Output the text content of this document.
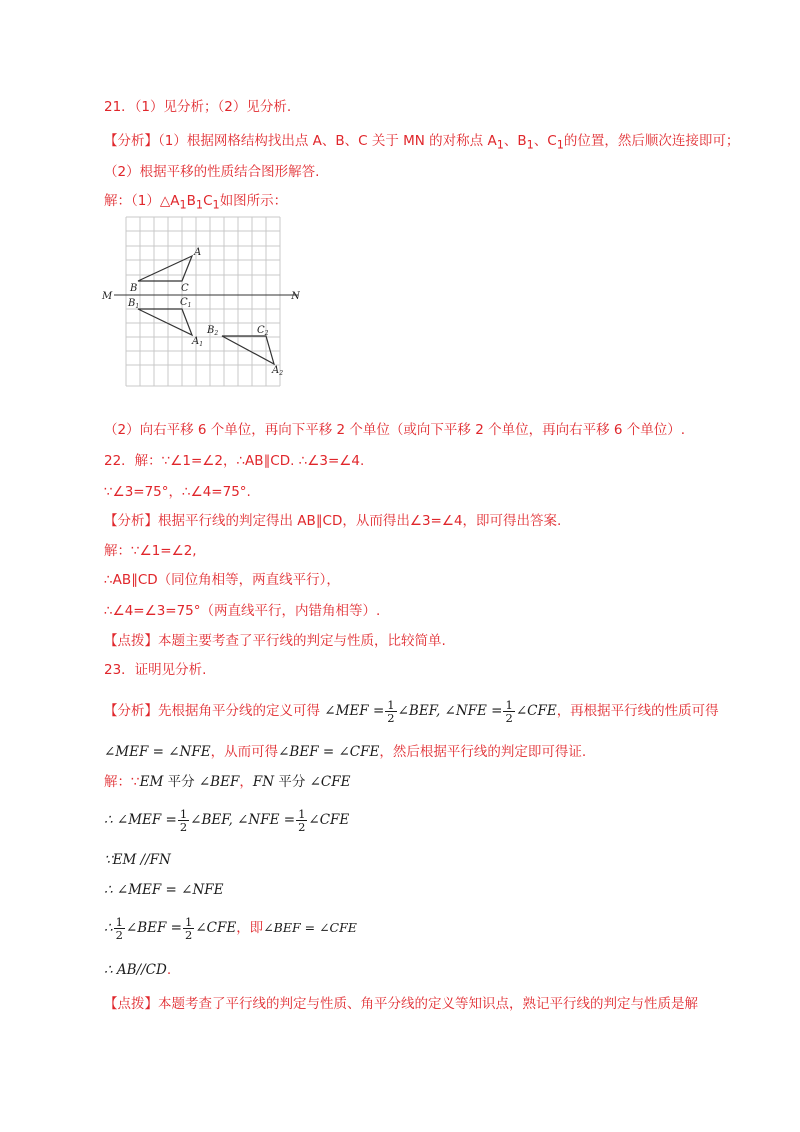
21．（1）见分析；（2）见分析.
【分析】（1）根据网格结构找出点 A、B、C 关于 MN 的对称点 $A_1$、$B_1$、$C_1$的位置，然后顺次连接即可；
（2）根据平移的性质结合图形解答.
解：$(1)\triangle A_1B_1C_1$如图所示：
A
B	C
M	N
$B_1$	$C_1$
$A_1$
$B_2$	$C_2$
$A_2$
（2）向右平移 6 个单位，再向下平移 2 个单位（或向下平移 2 个单位，再向右平移 6 个单位）.
22．解：∵∠1=∠2，∴AB∥CD. ∴∠3=∠4.
∵∠3=75°，∴∠4=75°.
【分析】根据平行线的判定得出 AB∥CD，从而得出∠3=∠4，即可得出答案.
解：∵∠1=∠2,
∴AB∥CD（同位角相等，两直线平行），
∴∠4=∠3=75°（两直线平行，内错角相等）.
【点拨】本题主要考查了平行线的判定与性质，比较简单.
23．证明见分析.
【分析】先根据角平分线的定义可得 ∠MEF = $\frac{1}{2}$ ∠BEF, ∠NFE = $\frac{1}{2}$ ∠CFE，再根据平行线的性质可得
∠MEF = ∠NFE，从而可得∠BEF = ∠CFE，然后根据平行线的判定即可得证.
解：∵EM 平分 ∠BEF，FN 平分 ∠CFE
∴ ∠MEF = $\frac{1}{2}$ ∠BEF, ∠NFE = $\frac{1}{2}$ ∠CFE
∵EM //FN
∴ ∠MEF = ∠NFE
∴ $\frac{1}{2}$ ∠BEF = $\frac{1}{2}$ ∠CFE，即∠BEF = ∠CFE
∴ AB//CD.
【点拨】本题考查了平行线的判定与性质、角平分线的定义等知识点，熟记平行线的判定与性质是解
